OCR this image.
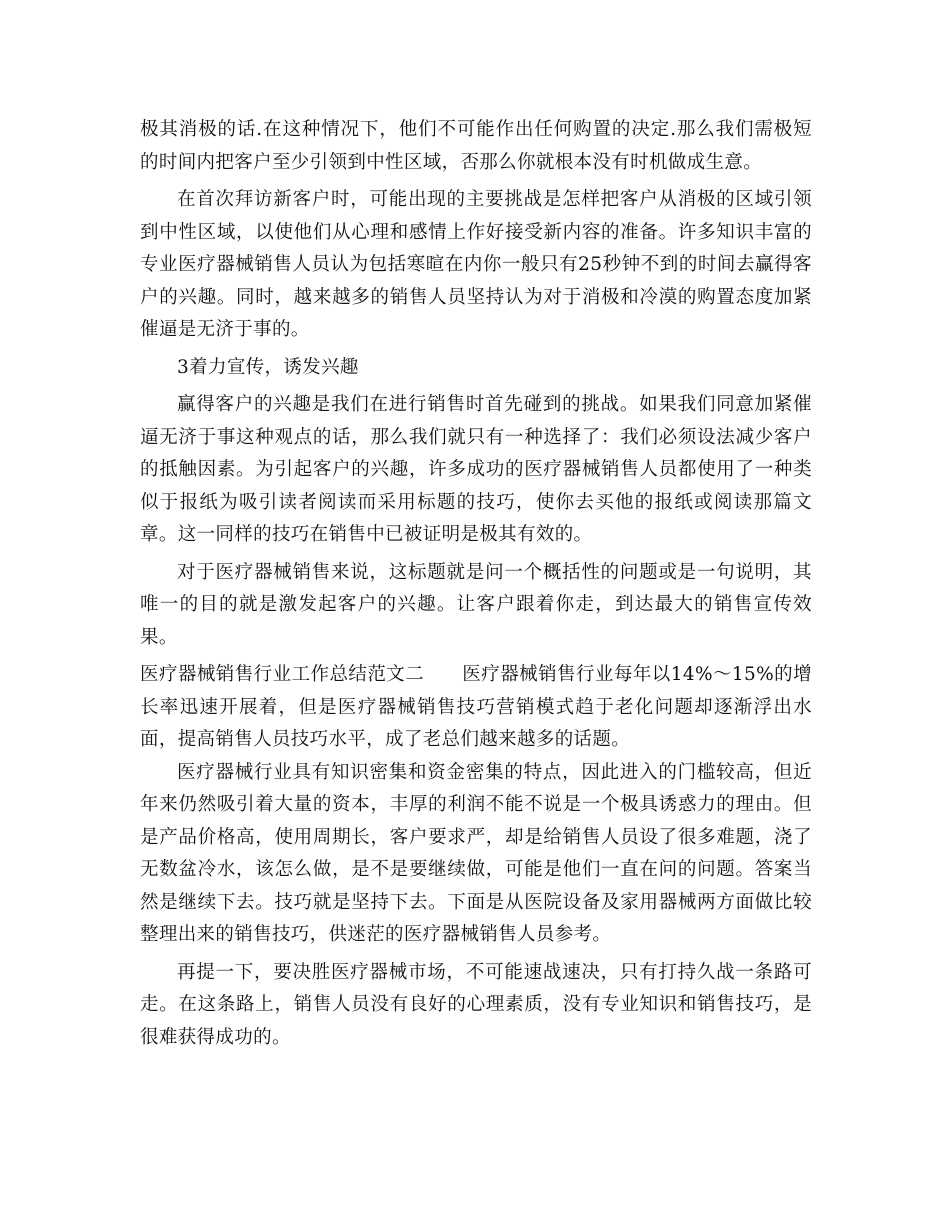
极其消极的话.在这种情况下，他们不可能作出任何购置的决定.那么我们需极短的时间内把客户至少引领到中性区域，否那么你就根本没有时机做成生意。

在首次拜访新客户时，可能出现的主要挑战是怎样把客户从消极的区域引领到中性区域，以使他们从心理和感情上作好接受新内容的准备。许多知识丰富的专业医疗器械销售人员认为包括寒暄在内你一般只有25秒钟不到的时间去赢得客户的兴趣。同时，越来越多的销售人员坚持认为对于消极和冷漠的购置态度加紧催逼是无济于事的。

3着力宣传，诱发兴趣

赢得客户的兴趣是我们在进行销售时首先碰到的挑战。如果我们同意加紧催逼无济于事这种观点的话，那么我们就只有一种选择了：我们必须设法减少客户的抵触因素。为引起客户的兴趣，许多成功的医疗器械销售人员都使用了一种类似于报纸为吸引读者阅读而采用标题的技巧，使你去买他的报纸或阅读那篇文章。这一同样的技巧在销售中已被证明是极其有效的。

对于医疗器械销售来说，这标题就是问一个概括性的问题或是一句说明，其唯一的目的就是激发起客户的兴趣。让客户跟着你走，到达最大的销售宣传效果。

医疗器械销售行业工作总结范文二 医疗器械销售行业每年以14%～15%的增长率迅速开展着，但是医疗器械销售技巧营销模式趋于老化问题却逐渐浮出水面，提高销售人员技巧水平，成了老总们越来越多的话题。

医疗器械行业具有知识密集和资金密集的特点，因此进入的门槛较高，但近年来仍然吸引着大量的资本，丰厚的利润不能不说是一个极具诱惑力的理由。但是产品价格高，使用周期长，客户要求严，却是给销售人员设了很多难题，浇了无数盆冷水，该怎么做，是不是要继续做，可能是他们一直在问的问题。答案当然是继续下去。技巧就是坚持下去。下面是从医院设备及家用器械两方面做比较整理出来的销售技巧，供迷茫的医疗器械销售人员参考。

再提一下，要决胜医疗器械市场，不可能速战速决，只有打持久战一条路可走。在这条路上，销售人员没有良好的心理素质，没有专业知识和销售技巧，是很难获得成功的。
